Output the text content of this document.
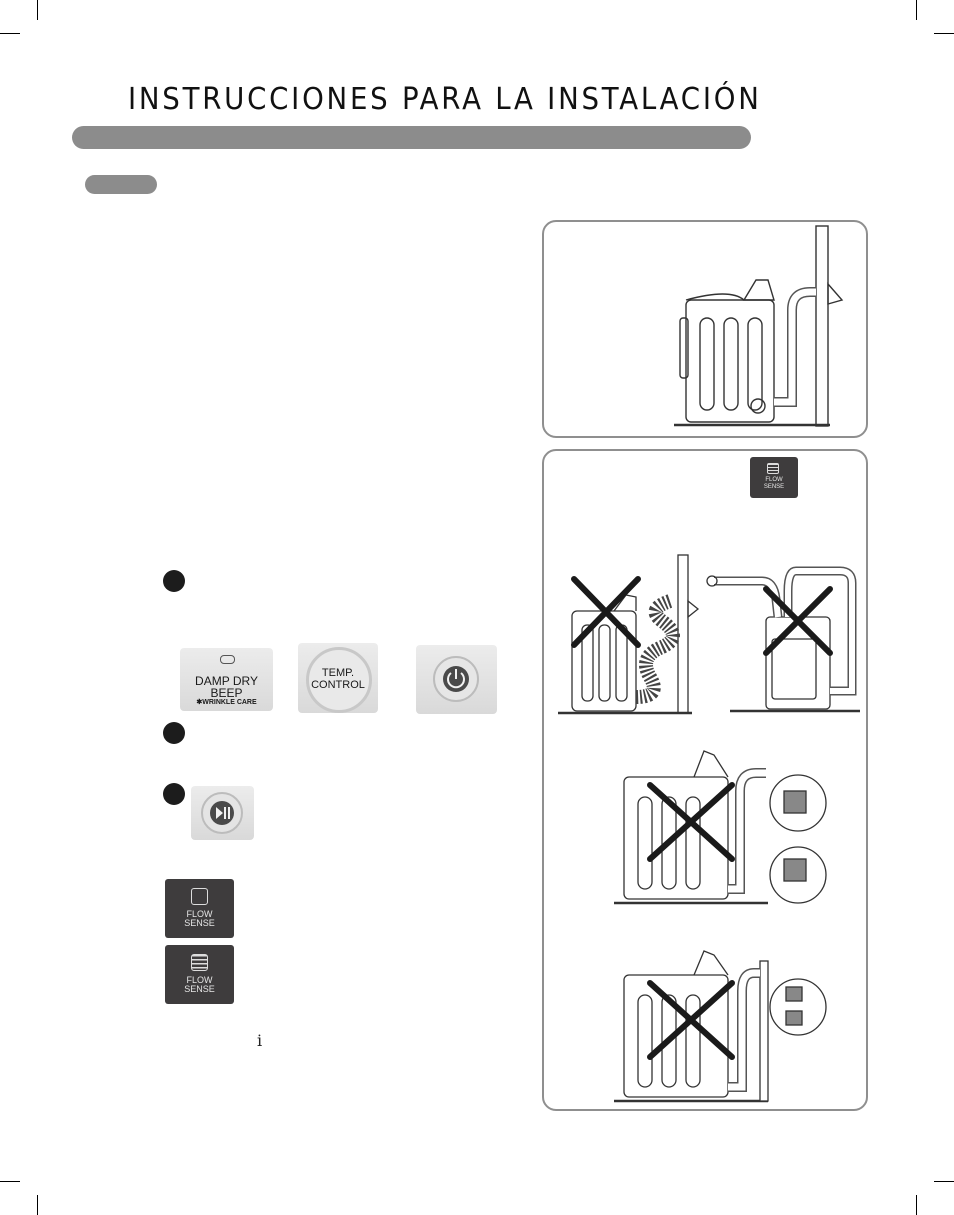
INSTRUCCIONES PARA LA INSTALACIÓN
FLOW
SENSE
DAMP DRY
BEEP
✱WRINKLE CARE
TEMP.
CONTROL
FLOW
SENSE
FLOW
SENSE
i
